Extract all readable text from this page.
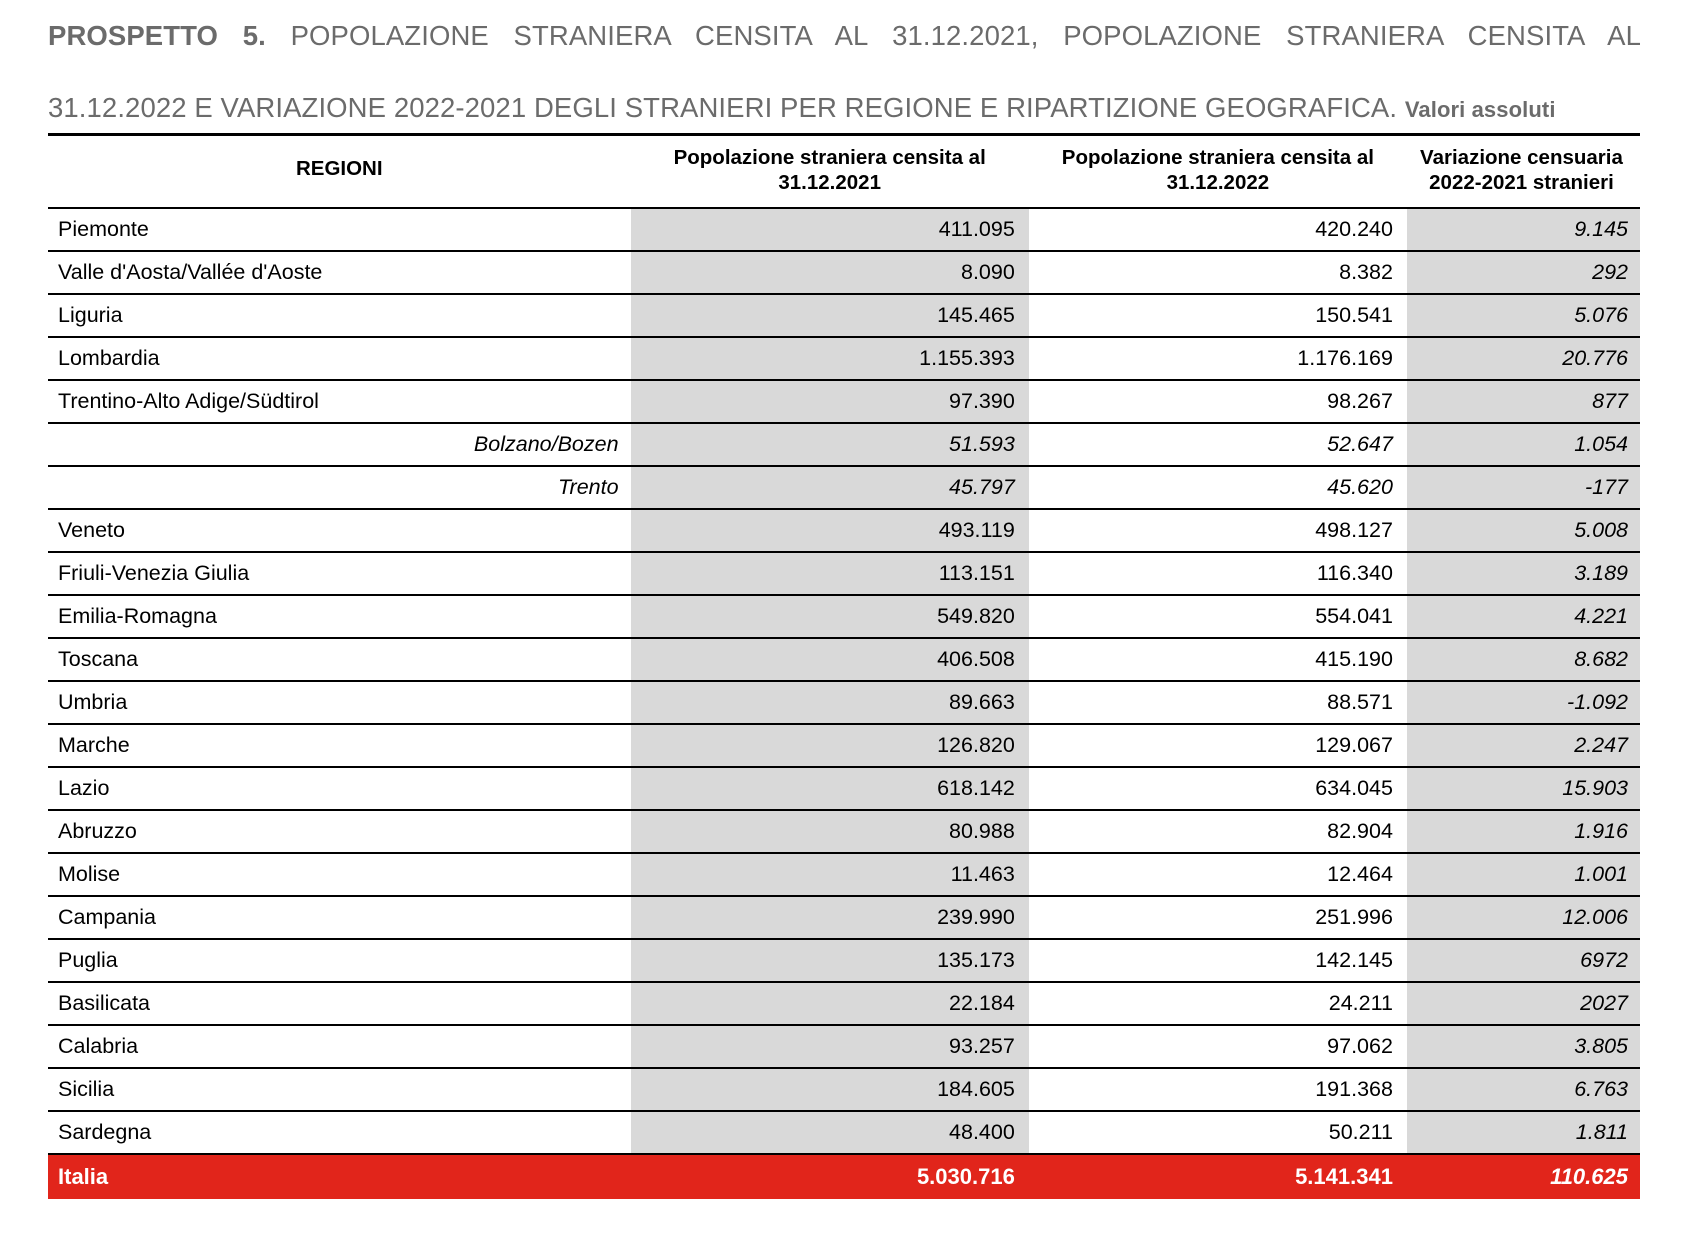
PROSPETTO 5. POPOLAZIONE STRANIERA CENSITA AL 31.12.2021, POPOLAZIONE STRANIERA CENSITA AL
31.12.2022 E VARIAZIONE 2022-2021 DEGLI STRANIERI PER REGIONE E RIPARTIZIONE GEOGRAFICA. Valori assoluti
REGIONI	Popolazione straniera censita al 31.12.2021	Popolazione straniera censita al 31.12.2022	Variazione censuaria 2022-2021 stranieri
Piemonte	411.095	420.240	9.145
Valle d'Aosta/Vallée d'Aoste	8.090	8.382	292
Liguria	145.465	150.541	5.076
Lombardia	1.155.393	1.176.169	20.776
Trentino-Alto Adige/Südtirol	97.390	98.267	877
Bolzano/Bozen	51.593	52.647	1.054
Trento	45.797	45.620	-177
Veneto	493.119	498.127	5.008
Friuli-Venezia Giulia	113.151	116.340	3.189
Emilia-Romagna	549.820	554.041	4.221
Toscana	406.508	415.190	8.682
Umbria	89.663	88.571	-1.092
Marche	126.820	129.067	2.247
Lazio	618.142	634.045	15.903
Abruzzo	80.988	82.904	1.916
Molise	11.463	12.464	1.001
Campania	239.990	251.996	12.006
Puglia	135.173	142.145	6972
Basilicata	22.184	24.211	2027
Calabria	93.257	97.062	3.805
Sicilia	184.605	191.368	6.763
Sardegna	48.400	50.211	1.811
Italia	5.030.716	5.141.341	110.625
